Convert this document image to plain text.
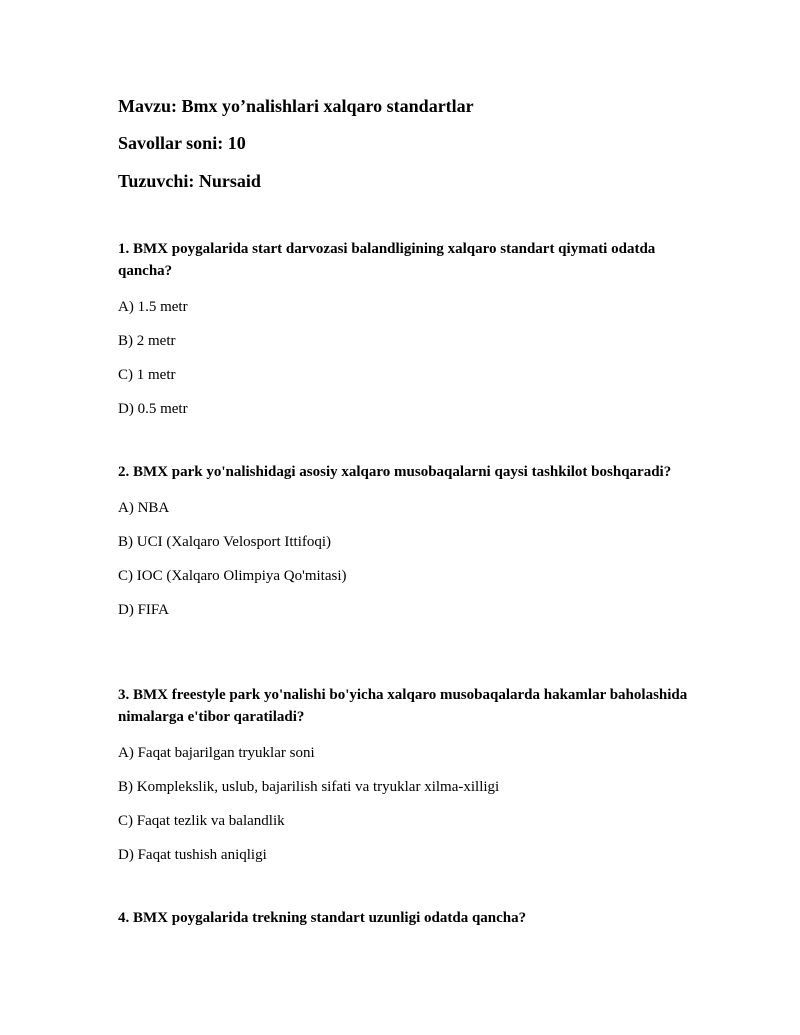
Mavzu: Bmx yo’nalishlari xalqaro standartlar

Savollar soni: 10

Tuzuvchi: Nursaid

1. BMX poygalarida start darvozasi balandligining xalqaro standart qiymati odatda qancha?

A) 1.5 metr

B) 2 metr

C) 1 metr

D) 0.5 metr

2. BMX park yo'nalishidagi asosiy xalqaro musobaqalarni qaysi tashkilot boshqaradi?

A) NBA

B) UCI (Xalqaro Velosport Ittifoqi)

C) IOC (Xalqaro Olimpiya Qo'mitasi)

D) FIFA

3. BMX freestyle park yo'nalishi bo'yicha xalqaro musobaqalarda hakamlar baholashida nimalarga e'tibor qaratiladi?

A) Faqat bajarilgan tryuklar soni

B) Komplekslik, uslub, bajarilish sifati va tryuklar xilma-xilligi

C) Faqat tezlik va balandlik

D) Faqat tushish aniqligi

4. BMX poygalarida trekning standart uzunligi odatda qancha?
